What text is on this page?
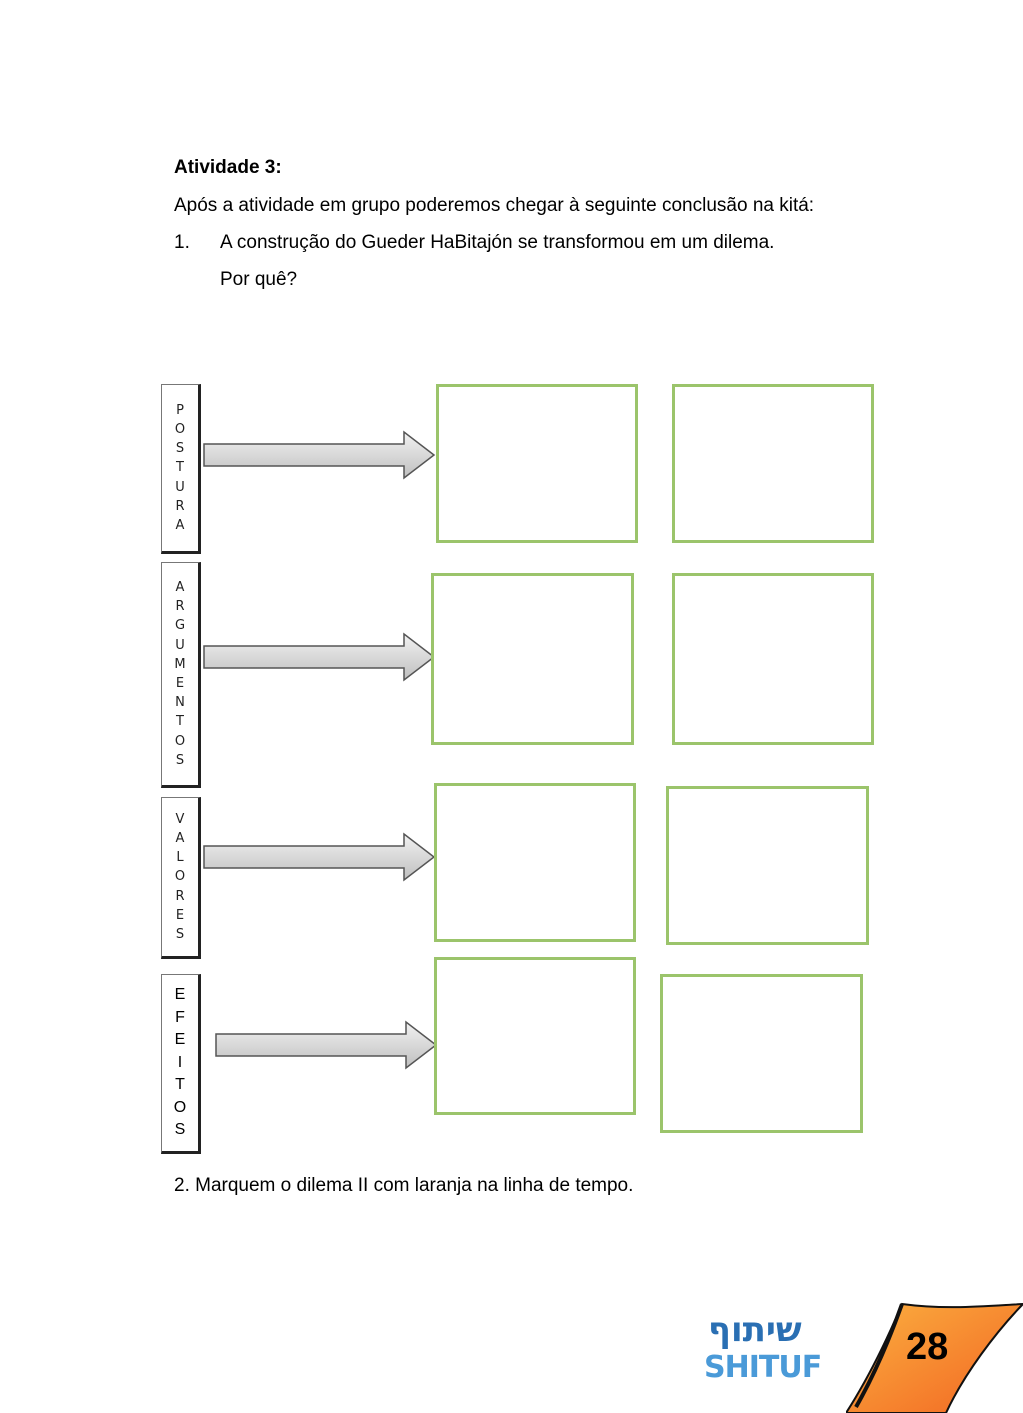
Atividade 3:
Após a atividade em grupo poderemos chegar à seguinte conclusão na kitá:
1. A construção do Gueder HaBitajón se transformou em um dilema.
Por quê?
P
O
S
T
U
R
A
A
R
G
U
M
E
N
T
O
S
V
A
L
O
R
E
S
E
F
E
I
T
O
S
2. Marquem o dilema II com laranja na linha de tempo.
שיתוף
SHITUF 28
